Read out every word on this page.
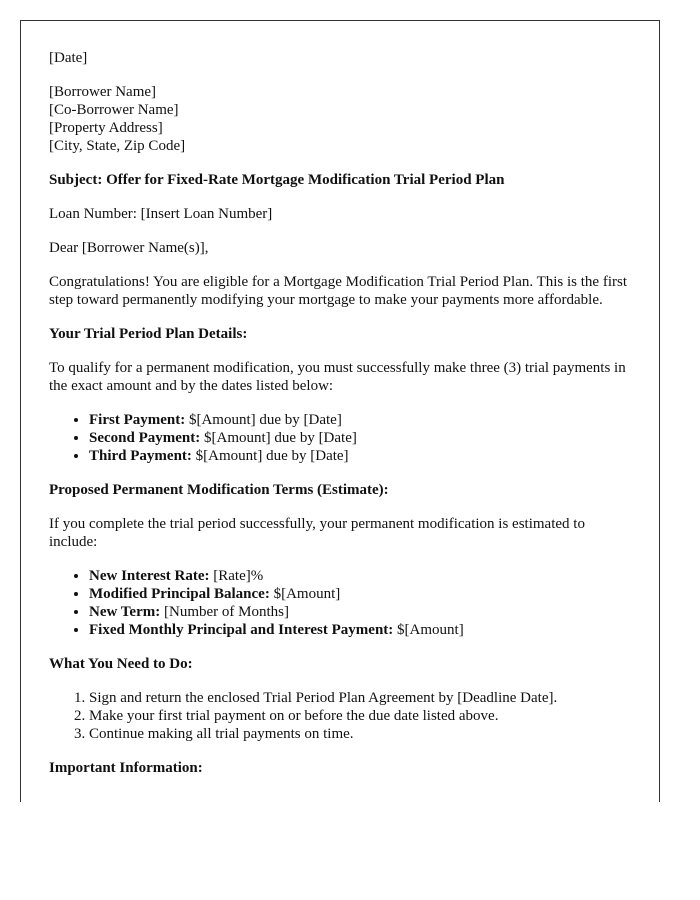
[Date]

[Borrower Name]
[Co-Borrower Name]
[Property Address]
[City, State, Zip Code]

Subject: Offer for Fixed-Rate Mortgage Modification Trial Period Plan

Loan Number: [Insert Loan Number]

Dear [Borrower Name(s)],

Congratulations! You are eligible for a Mortgage Modification Trial Period Plan. This is the first step toward permanently modifying your mortgage to make your payments more affordable.

Your Trial Period Plan Details:

To qualify for a permanent modification, you must successfully make three (3) trial payments in the exact amount and by the dates listed below:

• First Payment: $[Amount] due by [Date]
• Second Payment: $[Amount] due by [Date]
• Third Payment: $[Amount] due by [Date]

Proposed Permanent Modification Terms (Estimate):

If you complete the trial period successfully, your permanent modification is estimated to include:

• New Interest Rate: [Rate]%
• Modified Principal Balance: $[Amount]
• New Term: [Number of Months]
• Fixed Monthly Principal and Interest Payment: $[Amount]

What You Need to Do:

1. Sign and return the enclosed Trial Period Plan Agreement by [Deadline Date].
2. Make your first trial payment on or before the due date listed above.
3. Continue making all trial payments on time.

Important Information:
